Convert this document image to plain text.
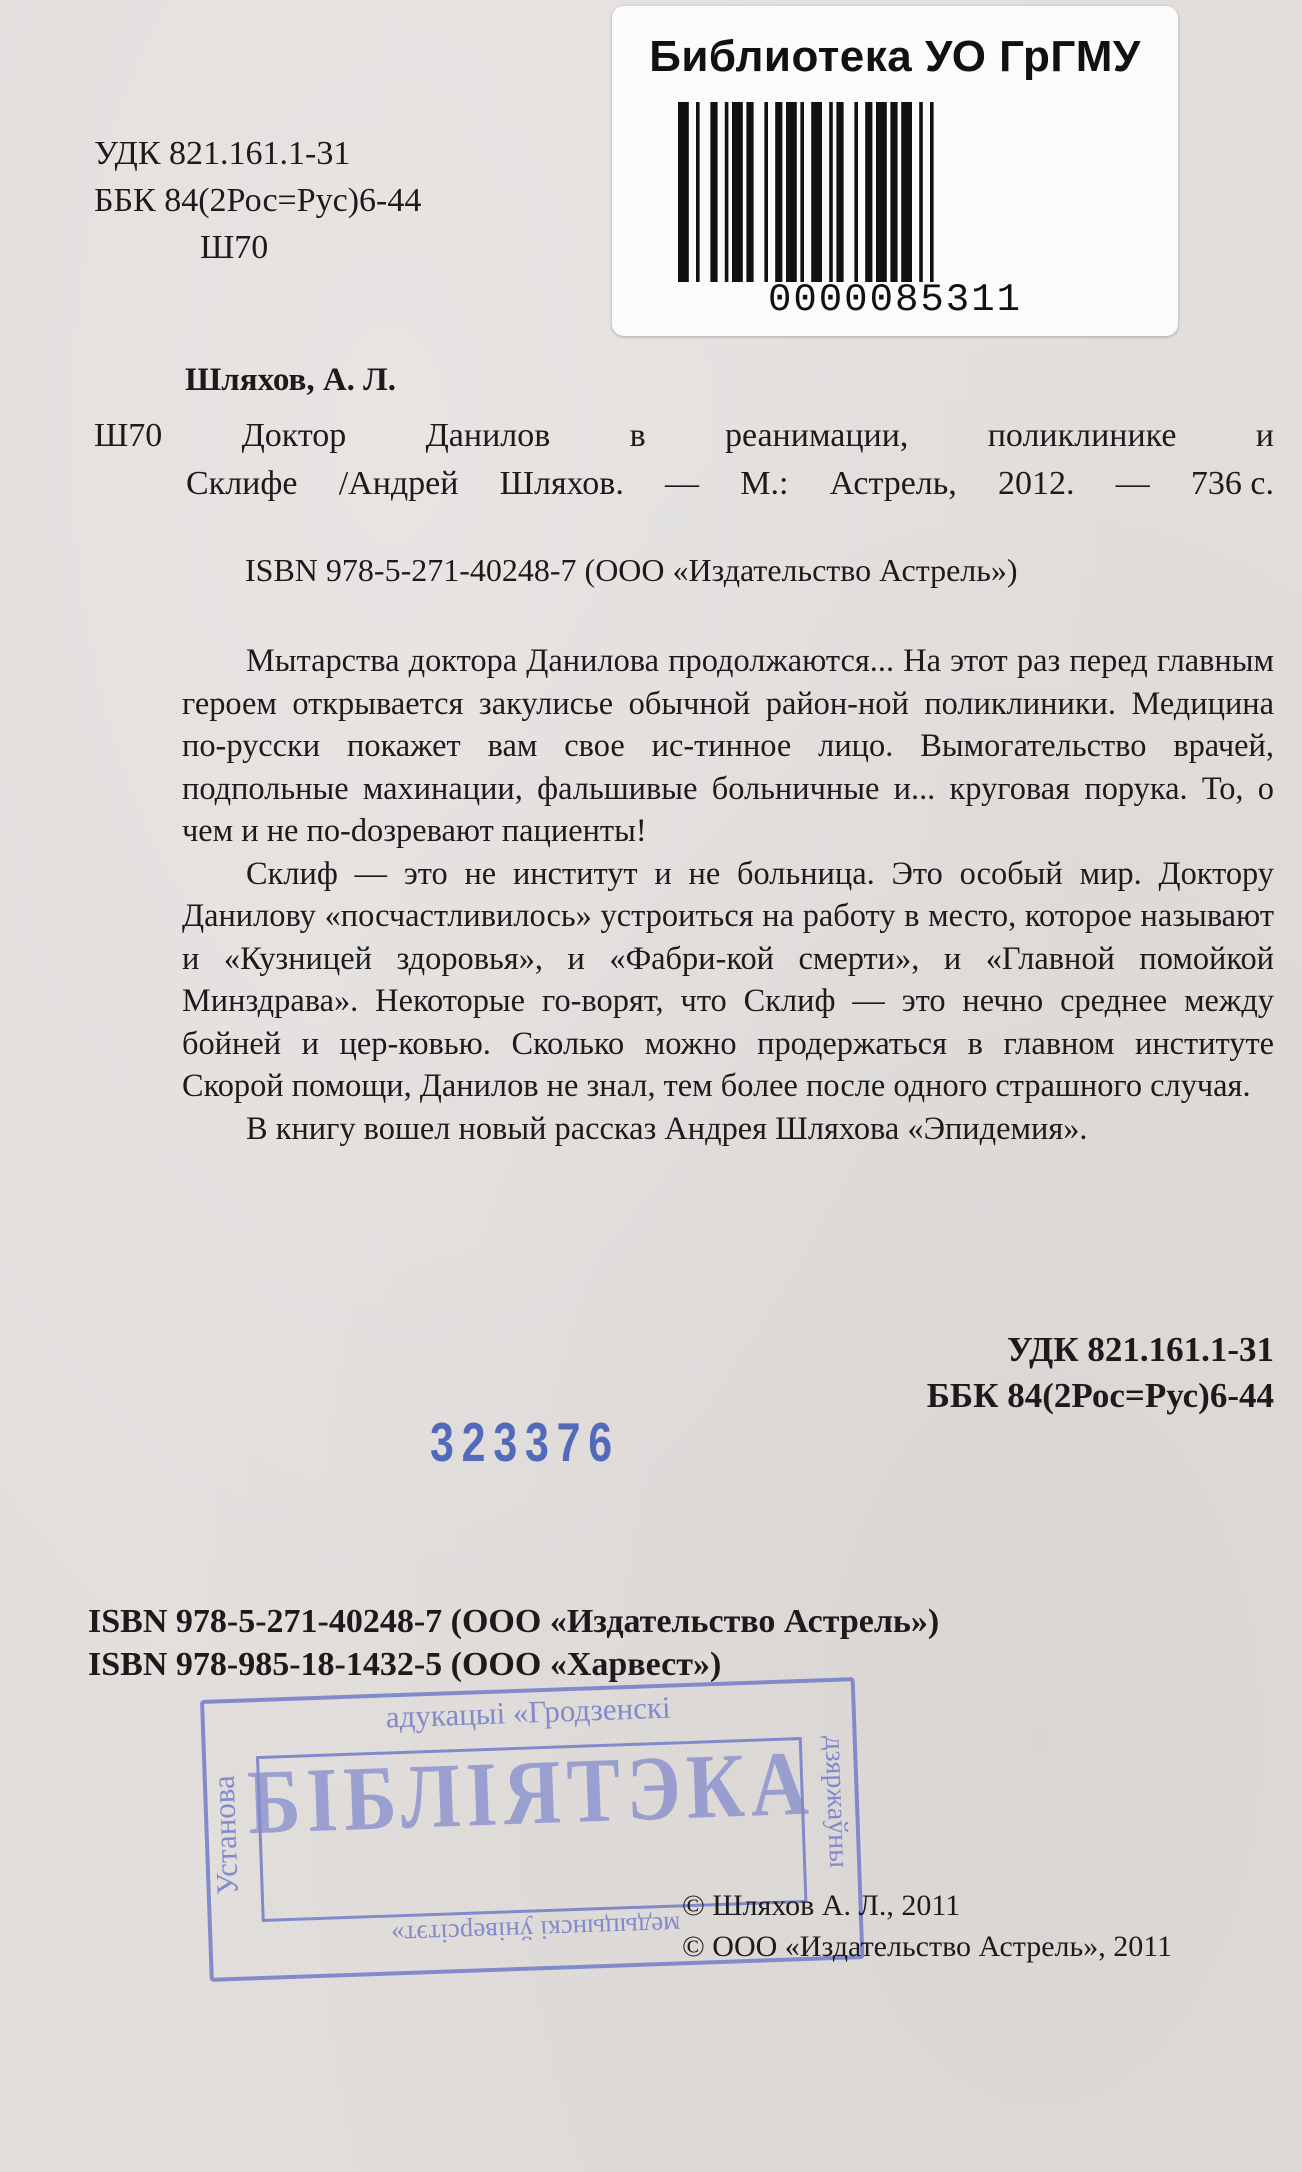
Библиотека УО ГрГМУ
0000085311
УДК 821.161.1-31
ББК 84(2Рос=Рус)6-44
Ш70
Шляхов, А. Л.
Ш70 Доктор Данилов в реанимации, поликлинике и
Склифе /Андрей Шляхов. — М.: Астрель, 2012. — 736 с.
ISBN 978-5-271-40248-7 (ООО «Издательство Астрель»)

Мытарства доктора Данилова продолжаются... На этот раз перед главным героем открывается закулисье обычной район-ной поликлиники. Медицина по-русски покажет вам свое ис-тинное лицо. Вымогательство врачей, подпольные махинации, фальшивые больничные и... круговая порука. То, о чем и не по-dозревают пациенты!

Склиф — это не институт и не больница. Это особый мир. Доктору Данилову «посчастливилось» устроиться на работу в место, которое называют и «Кузницей здоровья», и «Фабри-кой смерти», и «Главной помойкой Минздрава». Некоторые го-ворят, что Склиф — это нечно среднее между бойней и цер-ковью. Сколько можно продержаться в главном институте Скорой помощи, Данилов не знал, тем более после одного страшного случая.

В книгу вошел новый рассказ Андрея Шляхова «Эпидемия».

УДК 821.161.1-31
ББК 84(2Рос=Рус)6-44
323376
ISBN 978-5-271-40248-7 (ООО «Издательство Астрель»)
ISBN 978-985-18-1432-5 (ООО «Харвест»)
адукацыі «Гродзенскі
Установа	дзяржаўны
БІБЛІЯТЭКА
медыцынскі ўніверсітэт»
© Шляхов А. Л., 2011
© ООО «Издательство Астрель», 2011
